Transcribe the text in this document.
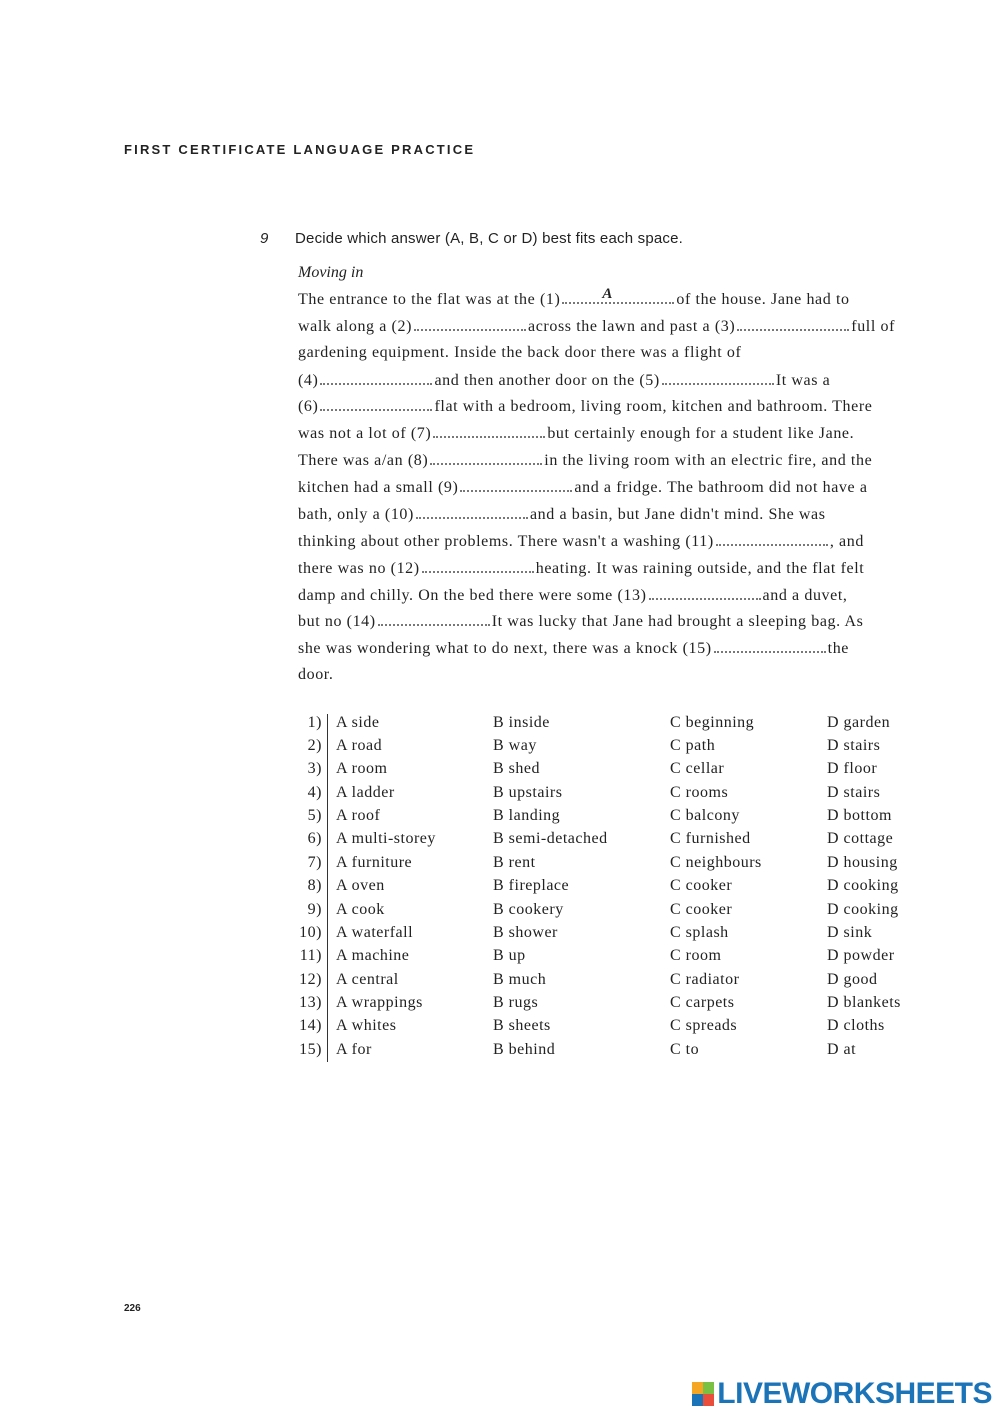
FIRST CERTIFICATE LANGUAGE PRACTICE
9 Decide which answer (A, B, C or D) best fits each space.
Moving in
The entrance to the flat was at the (1)	A	of the house. Jane had to
walk along a (2)	across the lawn and past a (3)	full of
gardening equipment. Inside the back door there was a flight of
(4)	and then another door on the (5)	It was a
(6)	flat with a bedroom, living room, kitchen and bathroom. There
was not a lot of (7)	but certainly enough for a student like Jane.
There was a/an (8)	in the living room with an electric fire, and the
kitchen had a small (9)	and a fridge. The bathroom did not have a
bath, only a (10)	and a basin, but Jane didn't mind. She was
thinking about other problems. There wasn't a washing (11)	, and
there was no (12)	heating. It was raining outside, and the flat felt
damp and chilly. On the bed there were some (13)	and a duvet,
but no (14)	It was lucky that Jane had brought a sleeping bag. As
she was wondering what to do next, there was a knock (15)	the
door.
1) A side	B inside	C beginning	D garden
2) A road	B way	C path	D stairs
3) A room	B shed	C cellar	D floor
4) A ladder	B upstairs	C rooms	D stairs
5) A roof	B landing	C balcony	D bottom
6) A multi-storey	B semi-detached	C furnished	D cottage
7) A furniture	B rent	C neighbours	D housing
8) A oven	B fireplace	C cooker	D cooking
9) A cook	B cookery	C cooker	D cooking
10) A waterfall	B shower	C splash	D sink
11) A machine	B up	C room	D powder
12) A central	B much	C radiator	D good
13) A wrappings	B rugs	C carpets	D blankets
14) A whites	B sheets	C spreads	D cloths
15) A for	B behind	C to	D at
226
LIVEWORKSHEETS
